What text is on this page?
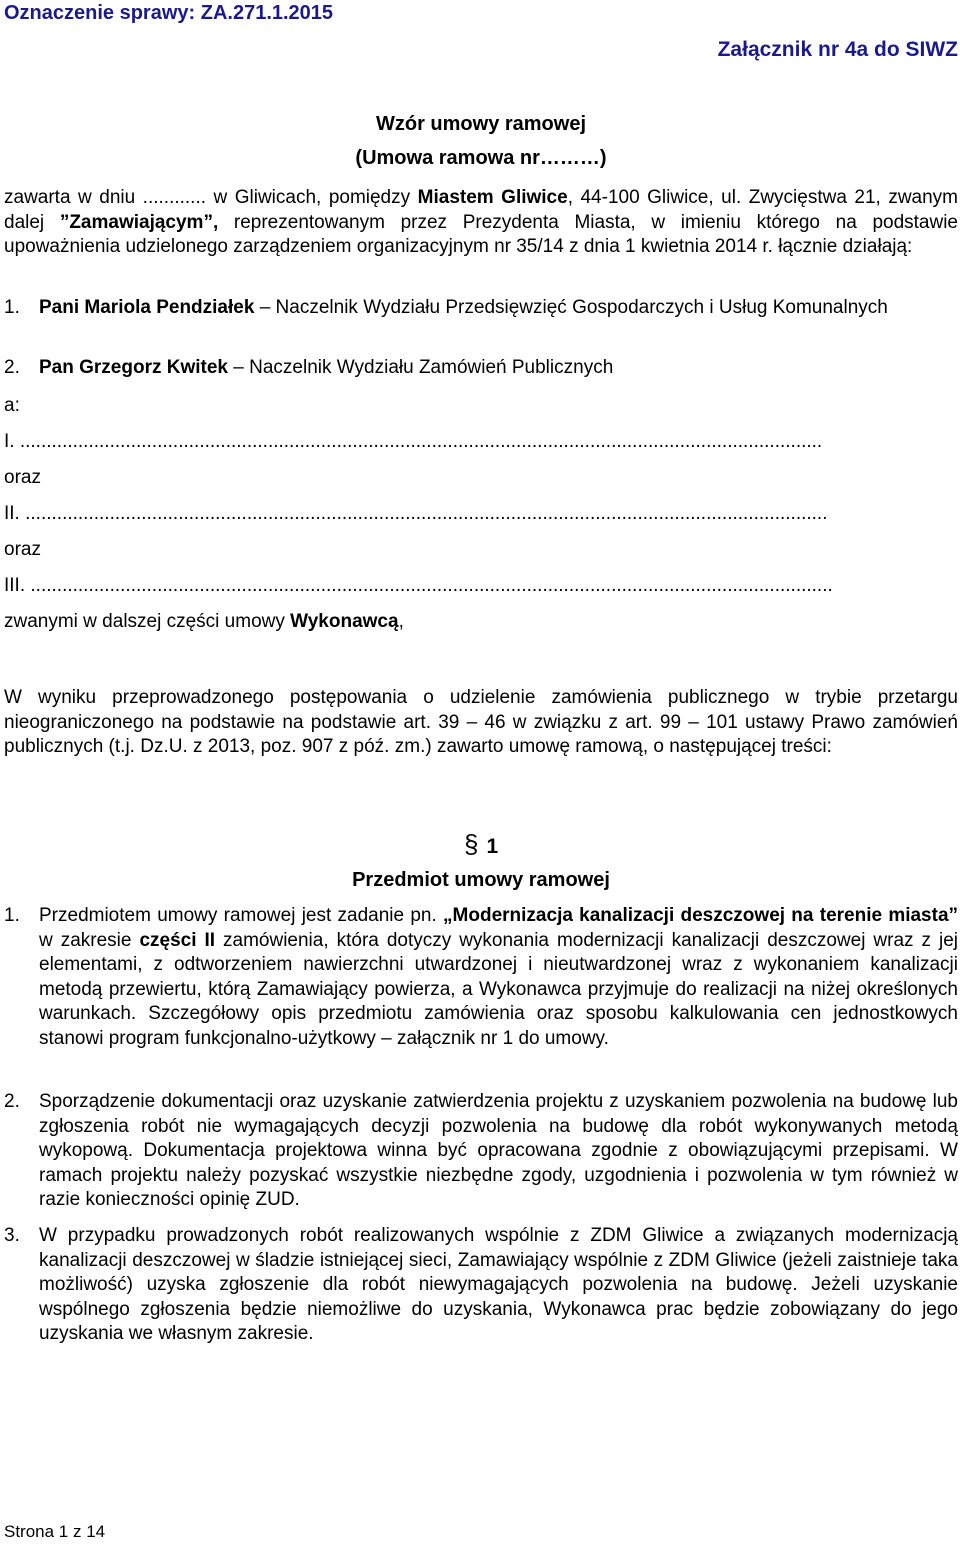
Oznaczenie sprawy: ZA.271.1.2015
Załącznik nr 4a do SIWZ
Wzór umowy ramowej
(Umowa ramowa nr………)
zawarta w dniu ............ w Gliwicach, pomiędzy Miastem Gliwice, 44-100 Gliwice, ul. Zwycięstwa 21, zwanym dalej ”Zamawiającym”, reprezentowanym przez Prezydenta Miasta, w imieniu którego na podstawie upoważnienia udzielonego zarządzeniem organizacyjnym nr 35/14 z dnia 1 kwietnia 2014 r. łącznie działają:
1. Pani Mariola Pendziałek – Naczelnik Wydziału Przedsięwzięć Gospodarczych i Usług Komunalnych
2. Pan Grzegorz Kwitek – Naczelnik Wydziału Zamówień Publicznych
a:
I. ........................................................................................................................................................
oraz
II. ........................................................................................................................................................
oraz
III. ........................................................................................................................................................
zwanymi w dalszej części umowy Wykonawcą,
W wyniku przeprowadzonego postępowania o udzielenie zamówienia publicznego w trybie przetargu nieograniczonego na podstawie na podstawie art. 39 – 46 w związku z art. 99 – 101 ustawy Prawo zamówień publicznych (t.j. Dz.U. z 2013, poz. 907 z póź. zm.) zawarto umowę ramową, o następującej treści:
§ 1
Przedmiot umowy ramowej
1. Przedmiotem umowy ramowej jest zadanie pn. „Modernizacja kanalizacji deszczowej na terenie miasta” w zakresie części II zamówienia, która dotyczy wykonania modernizacji kanalizacji deszczowej wraz z jej elementami, z odtworzeniem nawierzchni utwardzonej i nieutwardzonej wraz z wykonaniem kanalizacji metodą przewiertu, którą Zamawiający powierza, a Wykonawca przyjmuje do realizacji na niżej określonych warunkach. Szczegółowy opis przedmiotu zamówienia oraz sposobu kalkulowania cen jednostkowych stanowi program funkcjonalno-użytkowy – załącznik nr 1 do umowy.
2. Sporządzenie dokumentacji oraz uzyskanie zatwierdzenia projektu z uzyskaniem pozwolenia na budowę lub zgłoszenia robót nie wymagających decyzji pozwolenia na budowę dla robót wykonywanych metodą wykopową. Dokumentacja projektowa winna być opracowana zgodnie z obowiązującymi przepisami. W ramach projektu należy pozyskać wszystkie niezbędne zgody, uzgodnienia i pozwolenia w tym również w razie konieczności opinię ZUD.
3. W przypadku prowadzonych robót realizowanych wspólnie z ZDM Gliwice a związanych modernizacją kanalizacji deszczowej w śladzie istniejącej sieci, Zamawiający wspólnie z ZDM Gliwice (jeżeli zaistnieje taka możliwość) uzyska zgłoszenie dla robót niewymagających pozwolenia na budowę. Jeżeli uzyskanie wspólnego zgłoszenia będzie niemożliwe do uzyskania, Wykonawca prac będzie zobowiązany do jego uzyskania we własnym zakresie.
Strona 1 z 14
